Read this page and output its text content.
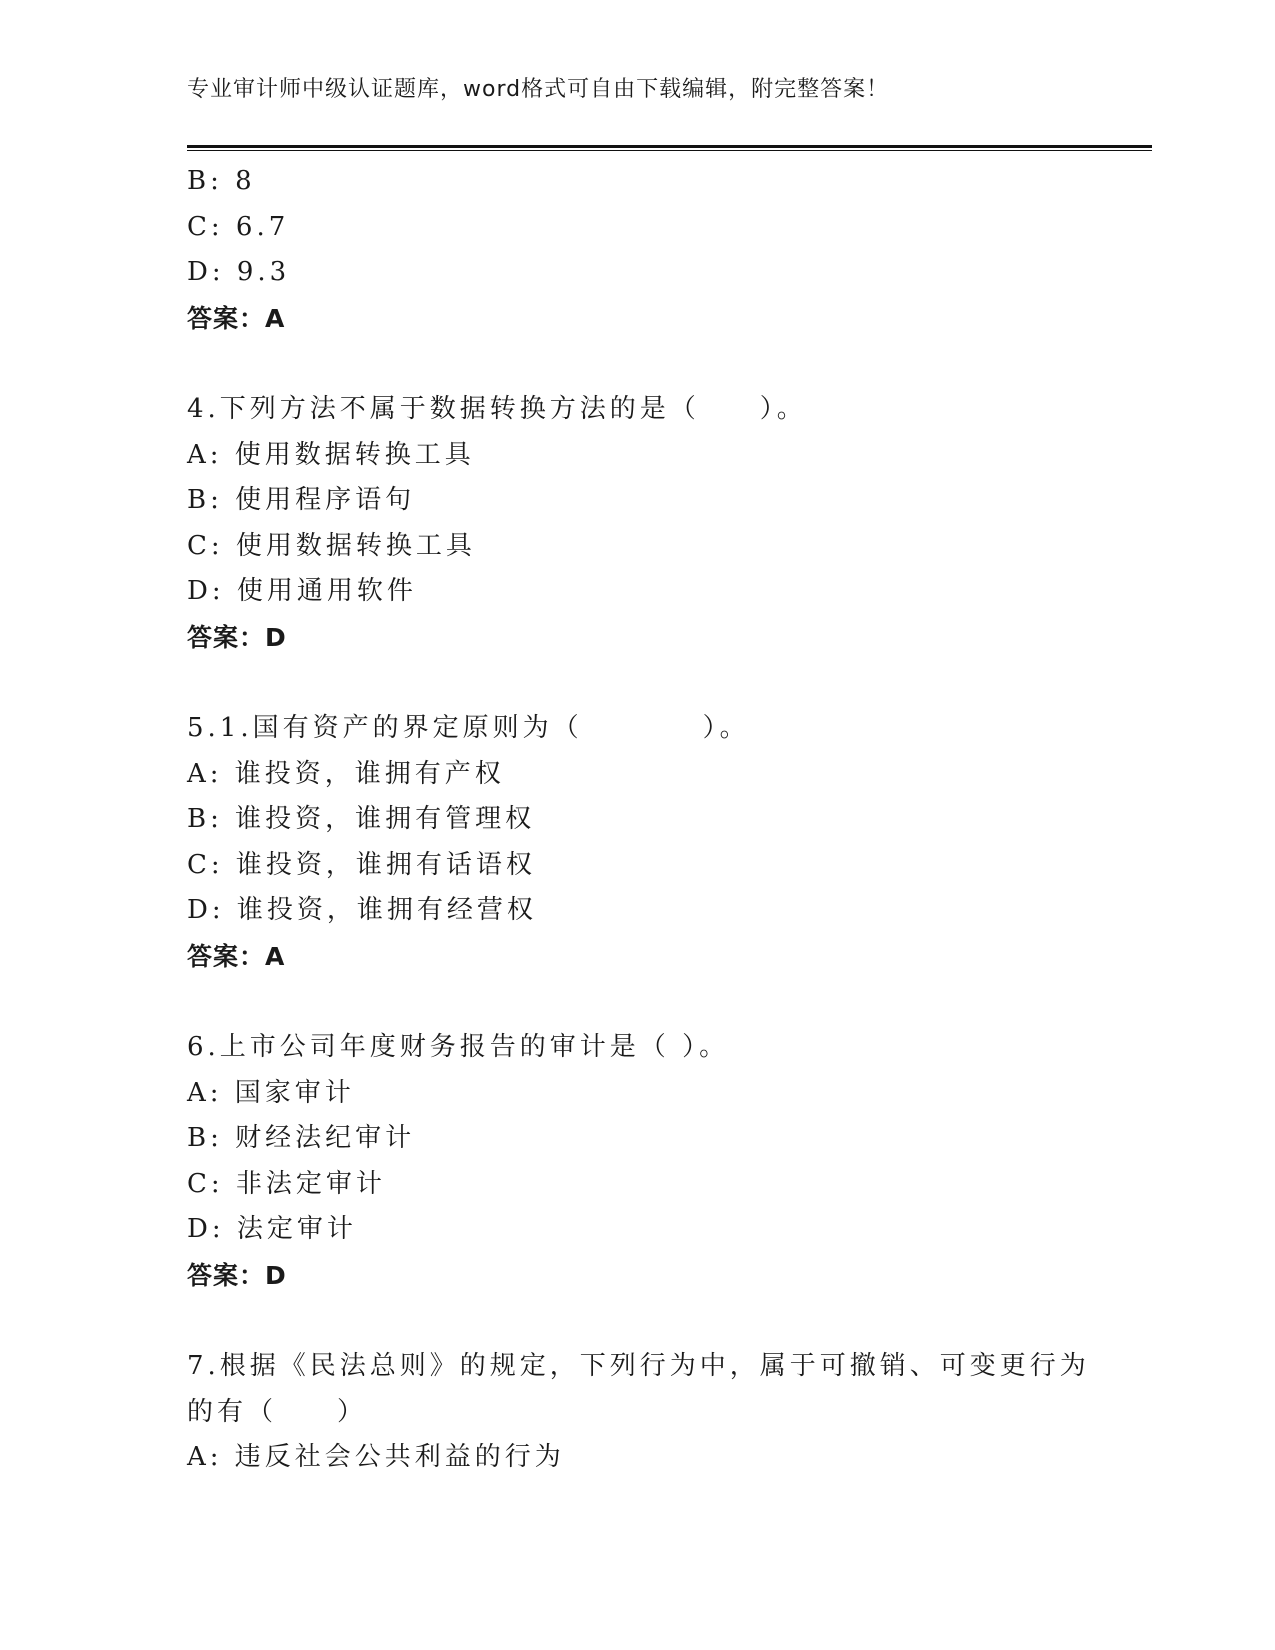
专业审计师中级认证题库，word格式可自由下载编辑，附完整答案！
B: 8
C: 6.7
D: 9.3
答案：A
4.下列方法不属于数据转换方法的是（　　）。
A: 使用数据转换工具
B: 使用程序语句
C: 使用数据转换工具
D: 使用通用软件
答案：D
5.1.国有资产的界定原则为（　　　　）。
A: 谁投资，谁拥有产权
B: 谁投资，谁拥有管理权
C: 谁投资，谁拥有话语权
D: 谁投资，谁拥有经营权
答案：A
6.上市公司年度财务报告的审计是（ ）。
A: 国家审计
B: 财经法纪审计
C: 非法定审计
D: 法定审计
答案：D
7.根据《民法总则》的规定，下列行为中，属于可撤销、可变更行为
的有（　　）
A: 违反社会公共利益的行为
